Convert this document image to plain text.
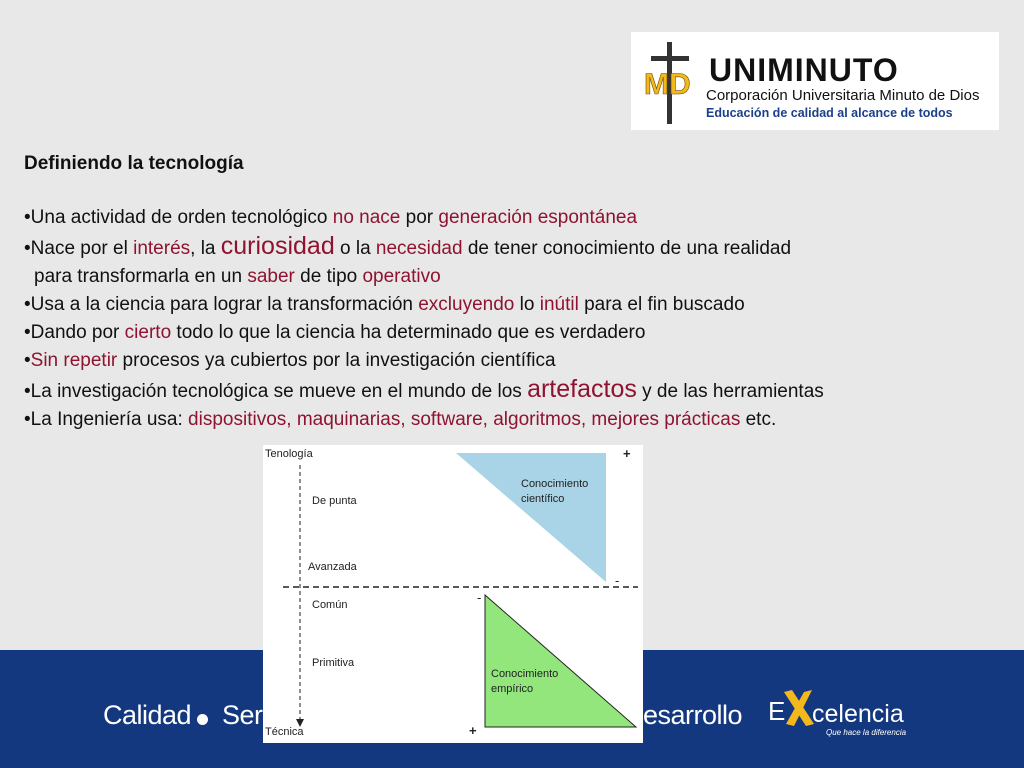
MD UNIMINUTO
Corporación Universitaria Minuto de Dios
Educación de calidad al alcance de todos
Definiendo la tecnología
•Una actividad de orden tecnológico no nace por generación espontánea
•Nace por el interés, la curiosidad o la necesidad de tener conocimiento de una realidad
para transformarla en un saber de tipo operativo
•Usa a la ciencia para lograr la transformación excluyendo lo inútil para el fin buscado
•Dando por cierto todo lo que la ciencia ha determinado que es verdadero
•Sin repetir procesos ya cubiertos por la investigación científica
•La investigación tecnológica se mueve en el mundo de los artefactos y de las herramientas
•La Ingeniería usa: dispositivos, maquinarias, software, algoritmos, mejores prácticas etc.
Calidad Ser	esarrollo E celencia
Que hace la diferencia
Tenología	+
De punta
Conocimiento
científico
Avanzada
-
-
Común
Primitiva
Conocimiento
empírico
Técnica	+
